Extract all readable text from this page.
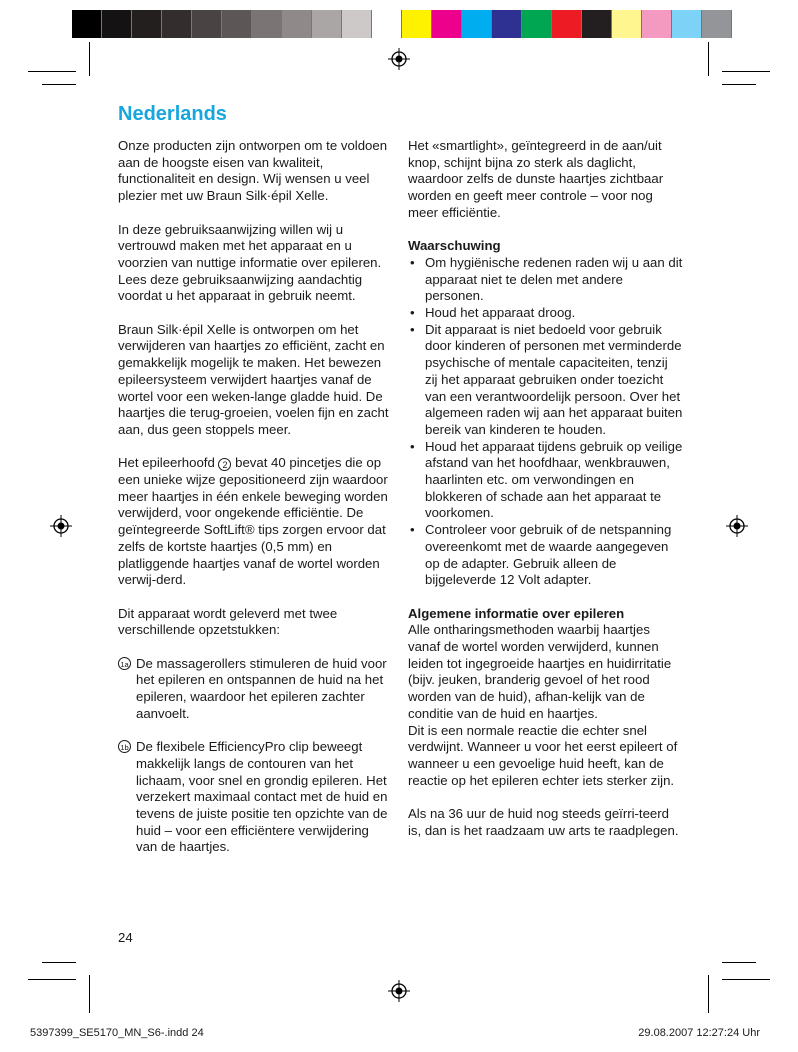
Nederlands

Onze producten zijn ontworpen om te voldoen aan de hoogste eisen van kwaliteit, functionaliteit en design. Wij wensen u veel plezier met uw Braun Silk·épil Xelle.

In deze gebruiksaanwijzing willen wij u vertrouwd maken met het apparaat en u voorzien van nuttige informatie over epileren. Lees deze gebruiksaanwijzing aandachtig voordat u het apparaat in gebruik neemt.

Braun Silk·épil Xelle is ontworpen om het verwijderen van haartjes zo efficiënt, zacht en gemakkelijk mogelijk te maken. Het bewezen epileersysteem verwijdert haartjes vanaf de wortel voor een weken-lange gladde huid. De haartjes die terug-groeien, voelen fijn en zacht aan, dus geen stoppels meer.

Het epileerhoofd 2 bevat 40 pincetjes die op een unieke wijze gepositioneerd zijn waardoor meer haartjes in één enkele beweging worden verwijderd, voor ongekende efficiëntie. De geïntegreerde SoftLift® tips zorgen ervoor dat zelfs de kortste haartjes (0,5 mm) en platliggende haartjes vanaf de wortel worden verwij-derd.

Dit apparaat wordt geleverd met twee verschillende opzetstukken:

1a De massagerollers stimuleren de huid voor het epileren en ontspannen de huid na het epileren, waardoor het epileren zachter aanvoelt.
1b De flexibele EfficiencyPro clip beweegt makkelijk langs de contouren van het lichaam, voor snel en grondig epileren. Het verzekert maximaal contact met de huid en tevens de juiste positie ten opzichte van de huid – voor een efficiëntere verwijdering van de haartjes.

Het «smartlight», geïntegreerd in de aan/uit knop, schijnt bijna zo sterk als daglicht, waardoor zelfs de dunste haartjes zichtbaar worden en geeft meer controle – voor nog meer efficiëntie.

Waarschuwing
• Om hygiënische redenen raden wij u aan dit apparaat niet te delen met andere personen.
• Houd het apparaat droog.
• Dit apparaat is niet bedoeld voor gebruik door kinderen of personen met verminderde psychische of mentale capaciteiten, tenzij zij het apparaat gebruiken onder toezicht van een verantwoordelijk persoon. Over het algemeen raden wij aan het apparaat buiten bereik van kinderen te houden.
• Houd het apparaat tijdens gebruik op veilige afstand van het hoofdhaar, wenkbrauwen, haarlinten etc. om verwondingen en blokkeren of schade aan het apparaat te voorkomen.
• Controleer voor gebruik of de netspanning overeenkomt met de waarde aangegeven op de adapter. Gebruik alleen de bijgeleverde 12 Volt adapter.
Algemene informatie over epileren

Alle ontharingsmethoden waarbij haartjes vanaf de wortel worden verwijderd, kunnen leiden tot ingegroeide haartjes en huidirritatie (bijv. jeuken, branderig gevoel of het rood worden van de huid), afhan-kelijk van de conditie van de huid en haartjes.

Dit is een normale reactie die echter snel verdwijnt. Wanneer u voor het eerst epileert of wanneer u een gevoelige huid heeft, kan de reactie op het epileren echter iets sterker zijn.

Als na 36 uur de huid nog steeds geïrri-teerd is, dan is het raadzaam uw arts te raadplegen.

24
5397399_SE5170_MN_S6-.indd 24	29.08.2007 12:27:24 Uhr
